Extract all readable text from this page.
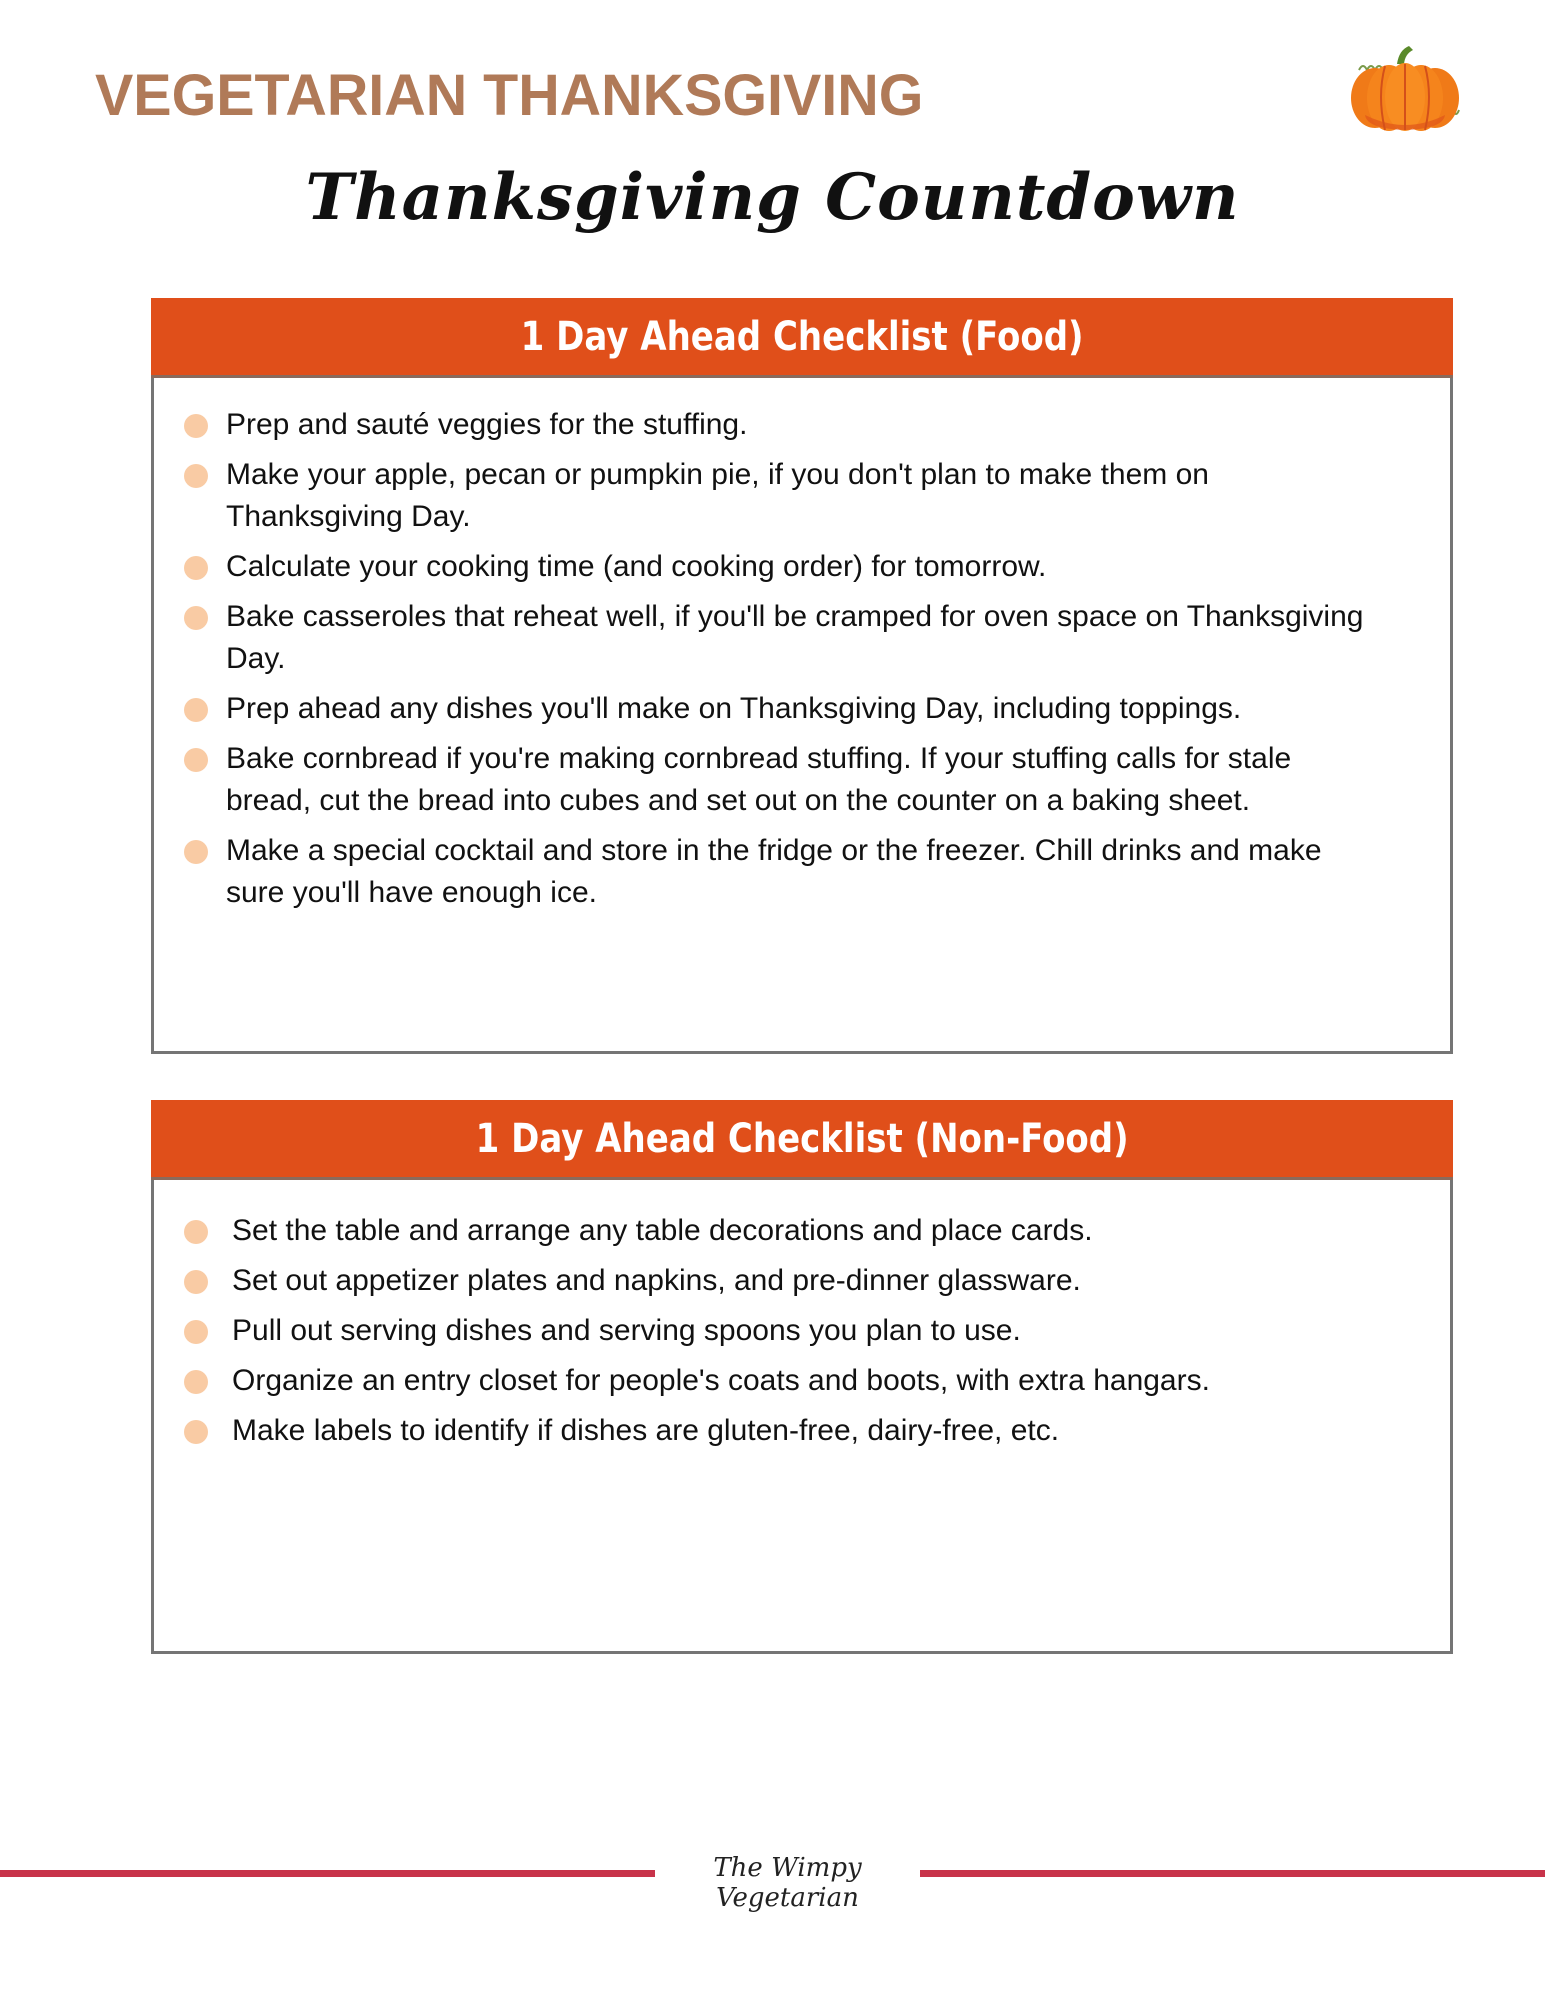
VEGETARIAN THANKSGIVING
Thanksgiving Countdown
1 Day Ahead Checklist (Food)
Prep and sauté veggies for the stuffing.
Make your apple, pecan or pumpkin pie, if you don't plan to make them on Thanksgiving Day.
Calculate your cooking time (and cooking order) for tomorrow.
Bake casseroles that reheat well, if you'll be cramped for oven space on Thanksgiving Day.
Prep ahead any dishes you'll make on Thanksgiving Day, including toppings.
Bake cornbread if you're making cornbread stuffing. If your stuffing calls for stale bread, cut the bread into cubes and set out on the counter on a baking sheet.
Make a special cocktail and store in the fridge or the freezer. Chill drinks and make sure you'll have enough ice.
1 Day Ahead Checklist (Non-Food)
Set the table and arrange any table decorations and place cards.
Set out appetizer plates and napkins, and pre-dinner glassware.
Pull out serving dishes and serving spoons you plan to use.
Organize an entry closet for people's coats and boots, with extra hangars.
Make labels to identify if dishes are gluten-free, dairy-free, etc.
The Wimpy Vegetarian
